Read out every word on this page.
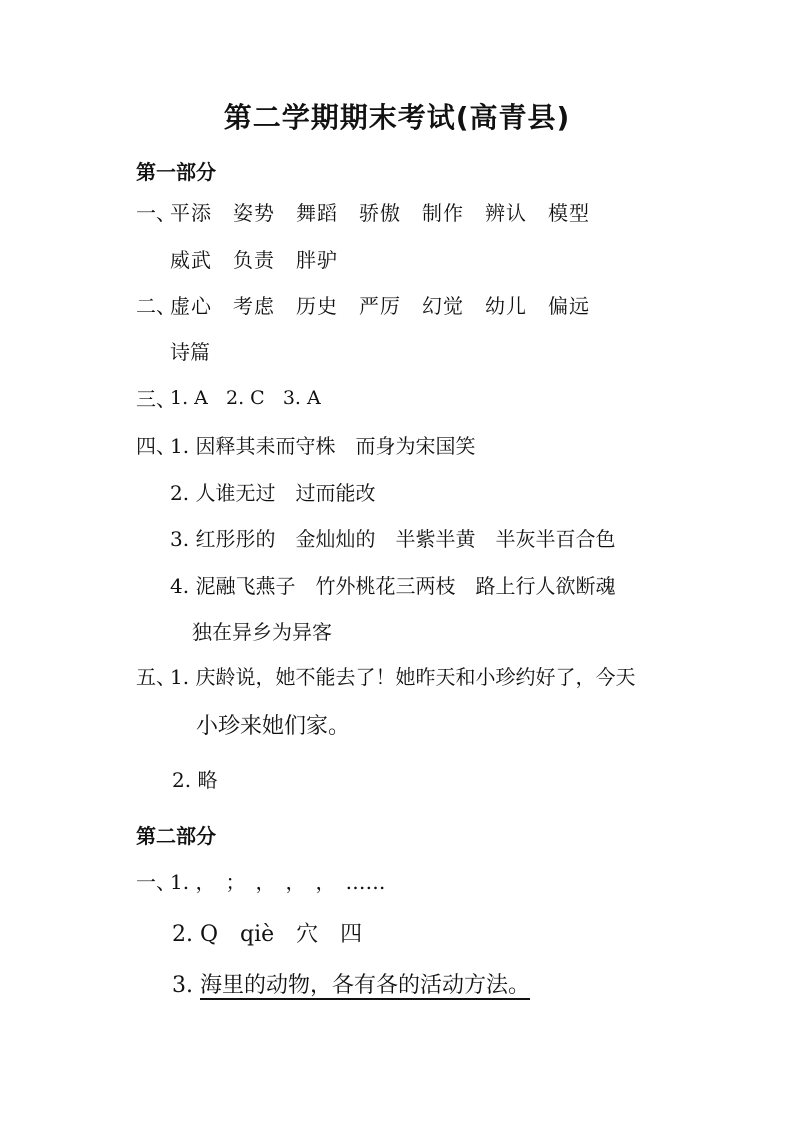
第二学期期末考试(高青县)
第一部分
一、
平添　姿势　舞蹈　骄傲　制作　辨认　模型
威武　负责　胖驴
二、
虚心　考虑　历史　严厉　幻觉　幼儿　偏远
诗篇
三、
1. A   2. C   3. A
四、
1. 因释其耒而守株　而身为宋国笑
2. 人谁无过　过而能改
3. 红彤彤的　金灿灿的　半紫半黄　半灰半百合色
4. 泥融飞燕子　竹外桃花三两枝　路上行人欲断魂
独在异乡为异客
五、
1. 庆龄说，她不能去了！她昨天和小珍约好了，今天
小珍来她们家。
2. 略
第二部分
一、
1. ，　；　，　，　，　……
2. Q　qiè　穴　四
3. 海里的动物，各有各的活动方法。
